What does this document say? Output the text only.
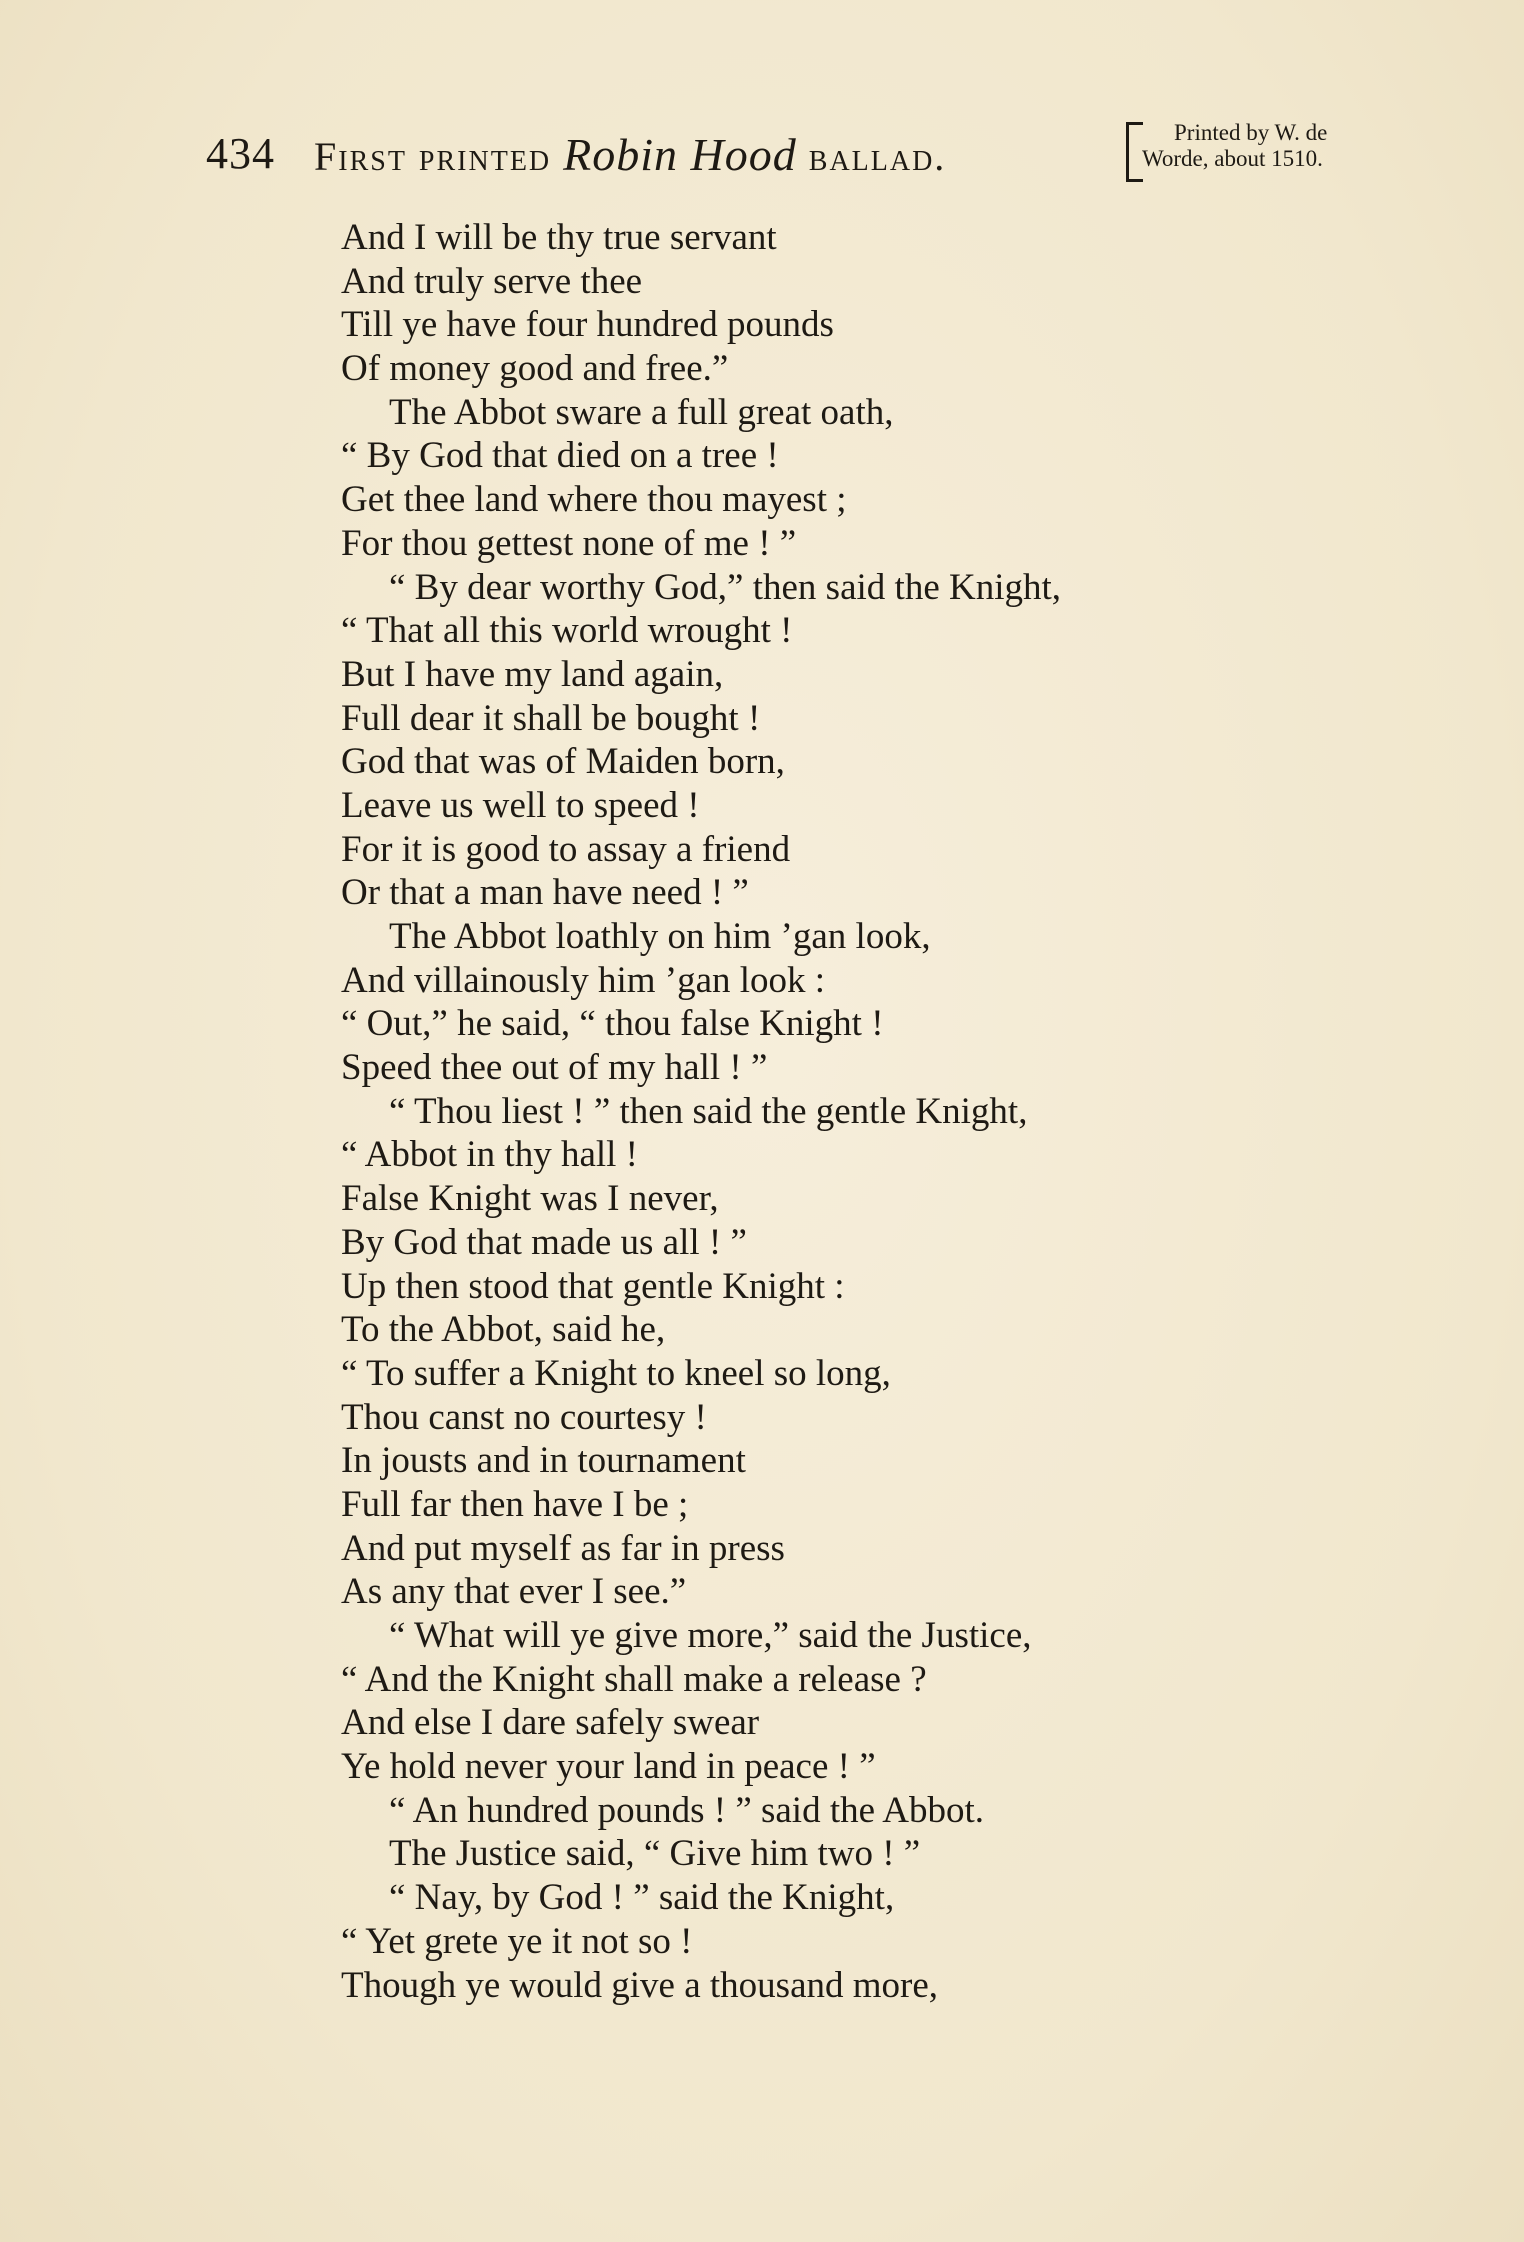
434 First printed Robin Hood ballad.
Printed by W. de
Worde, about 1510.
And I will be thy true servant
And truly serve thee
Till ye have four hundred pounds
Of money good and free.”
The Abbot sware a full great oath,
“ By God that died on a tree !
Get thee land where thou mayest ;
For thou gettest none of me ! ”
“ By dear worthy God,” then said the Knight,
“ That all this world wrought !
But I have my land again,
Full dear it shall be bought !
God that was of Maiden born,
Leave us well to speed !
For it is good to assay a friend
Or that a man have need ! ”
The Abbot loathly on him ’gan look,
And villainously him ’gan look :
“ Out,” he said, “ thou false Knight !
Speed thee out of my hall ! ”
“ Thou liest ! ” then said the gentle Knight,
“ Abbot in thy hall !
False Knight was I never,
By God that made us all ! ”
Up then stood that gentle Knight :
To the Abbot, said he,
“ To suffer a Knight to kneel so long,
Thou canst no courtesy !
In jousts and in tournament
Full far then have I be ;
And put myself as far in press
As any that ever I see.”
“ What will ye give more,” said the Justice,
“ And the Knight shall make a release ?
And else I dare safely swear
Ye hold never your land in peace ! ”
“ An hundred pounds ! ” said the Abbot.
The Justice said, “ Give him two ! ”
“ Nay, by God ! ” said the Knight,
“ Yet grete ye it not so !
Though ye would give a thousand more,
